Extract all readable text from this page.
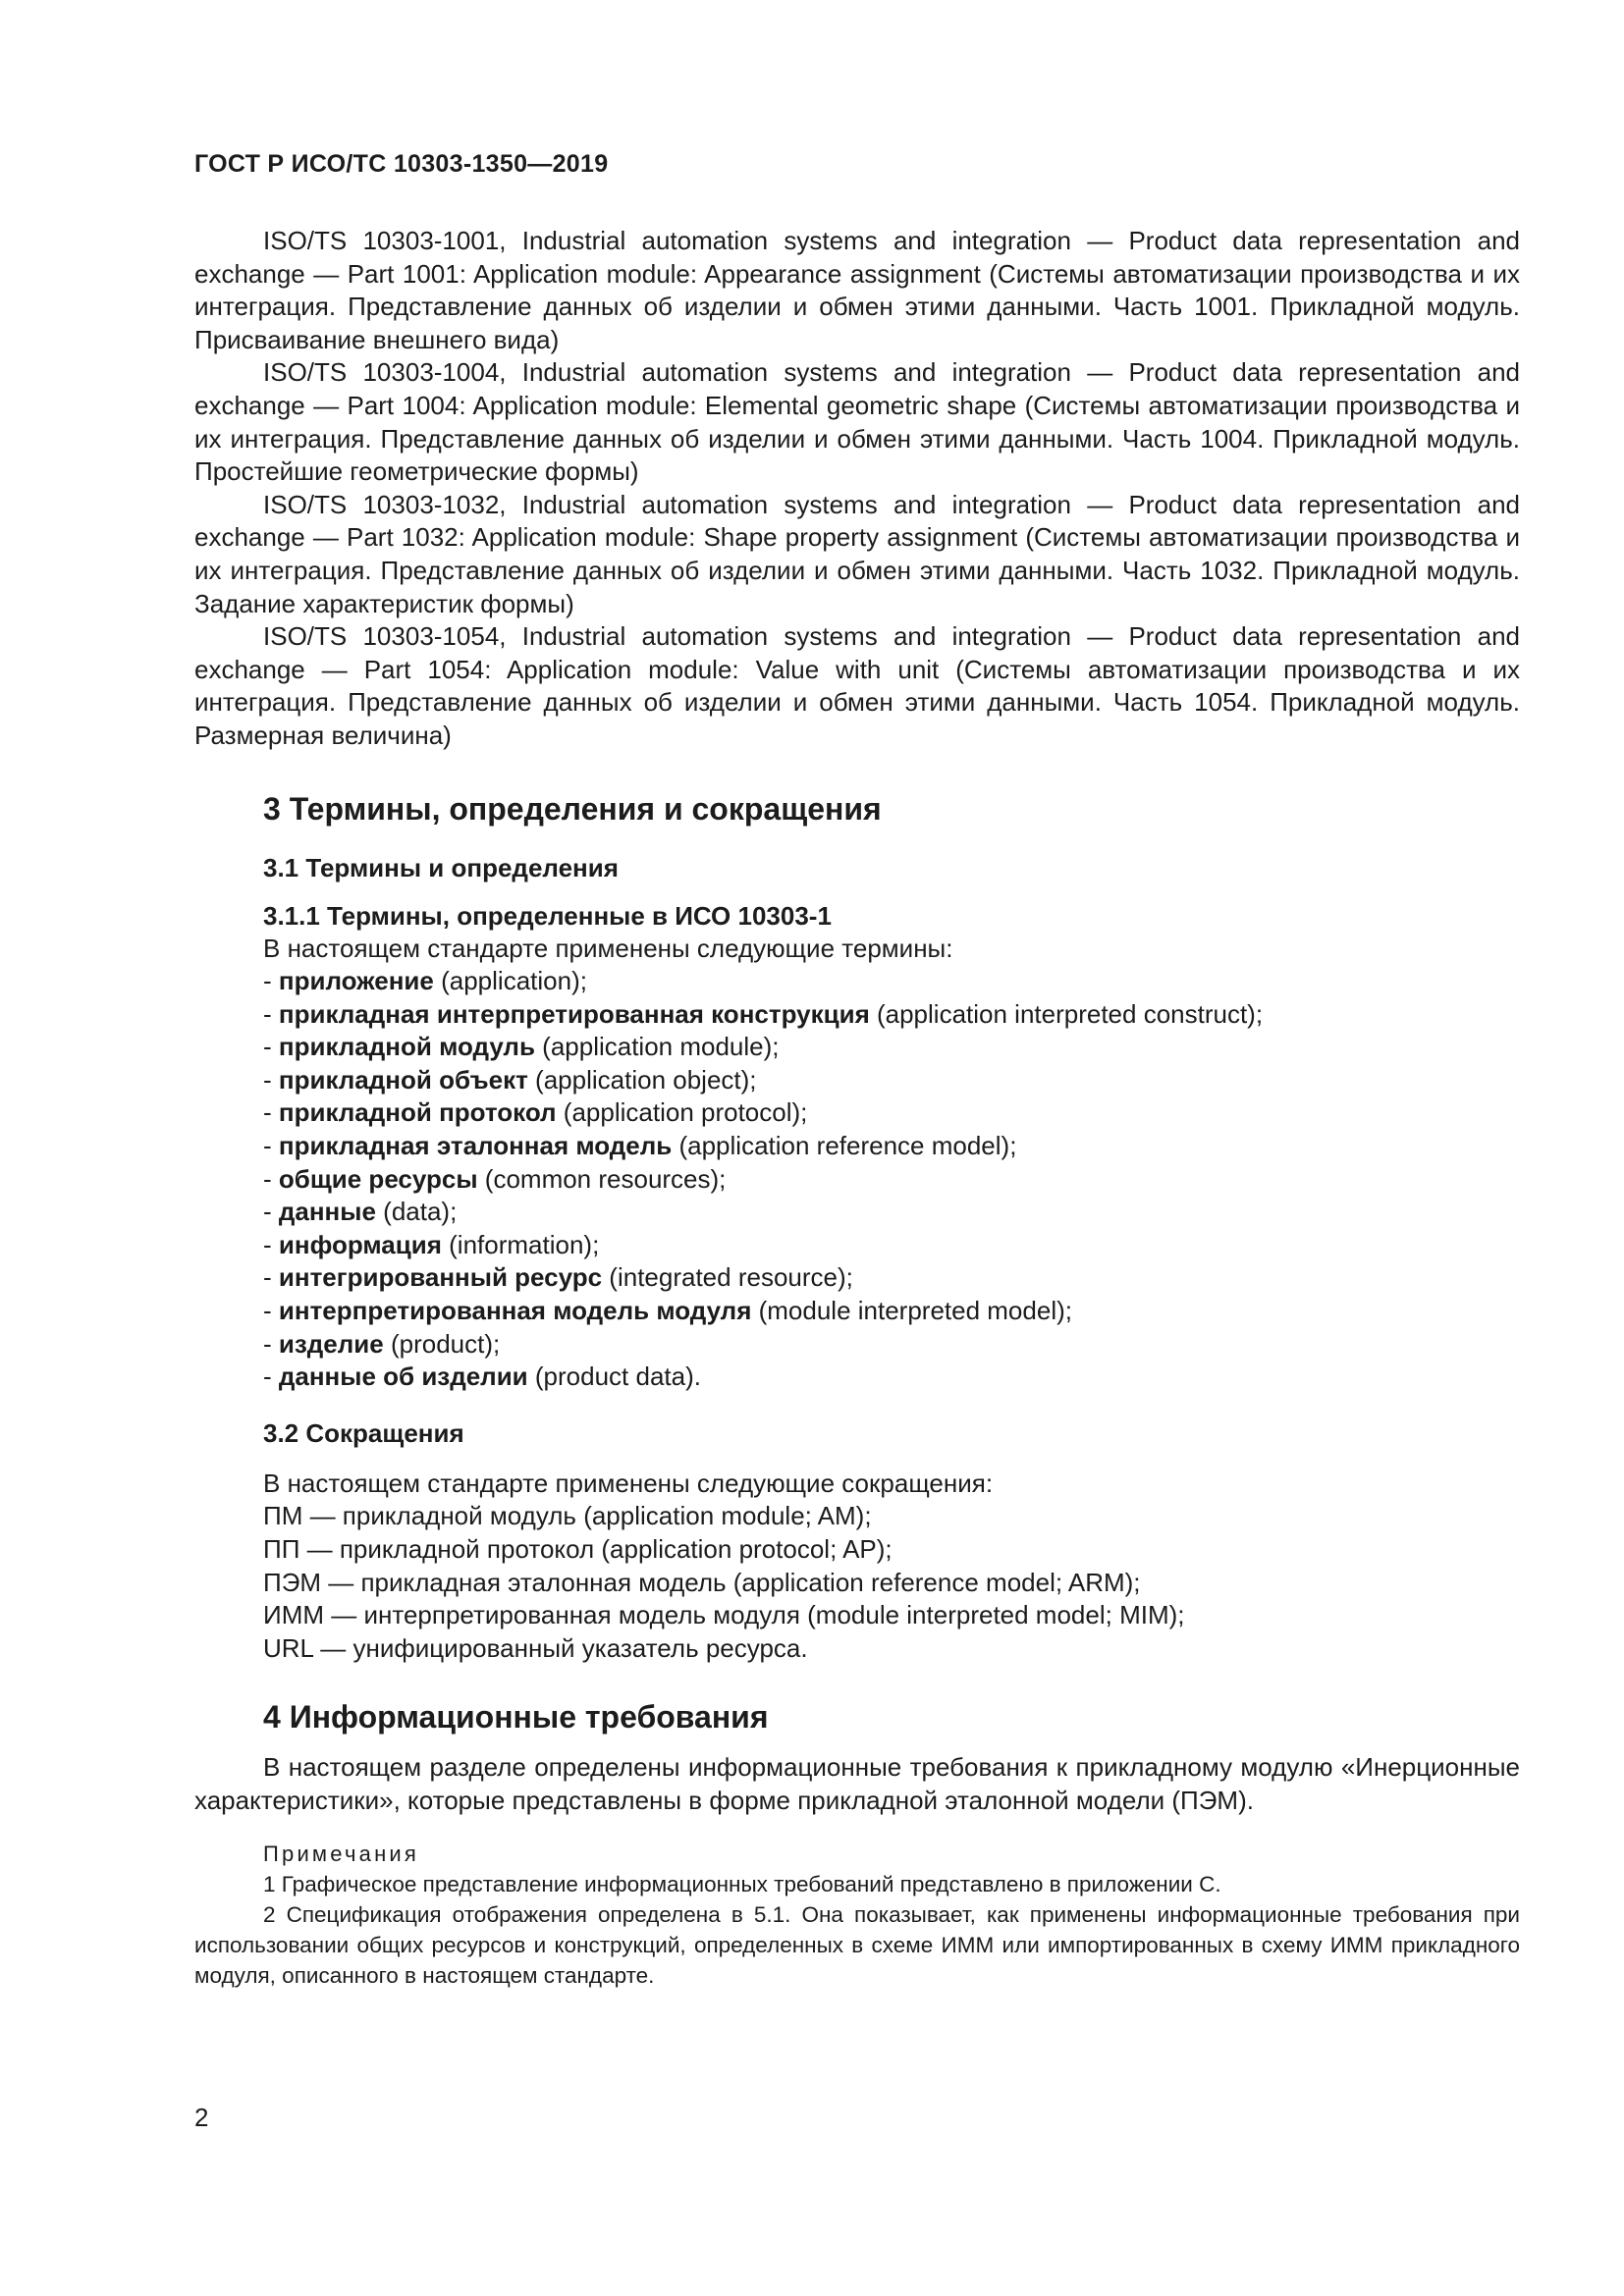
ГОСТ Р ИСО/ТС 10303-1350—2019

ISO/TS 10303-1001, Industrial automation systems and integration — Product data representation and exchange — Part 1001: Application module: Appearance assignment (Системы автоматизации производства и их интеграция. Представление данных об изделии и обмен этими данными. Часть 1001. Прикладной модуль. Присваивание внешнего вида)

ISO/TS 10303-1004, Industrial automation systems and integration — Product data representation and exchange — Part 1004: Application module: Elemental geometric shape (Системы автоматизации производства и их интеграция. Представление данных об изделии и обмен этими данными. Часть 1004. Прикладной модуль. Простейшие геометрические формы)

ISO/TS 10303-1032, Industrial automation systems and integration — Product data representation and exchange — Part 1032: Application module: Shape property assignment (Системы автоматизации производства и их интеграция. Представление данных об изделии и обмен этими данными. Часть 1032. Прикладной модуль. Задание характеристик формы)

ISO/TS 10303-1054, Industrial automation systems and integration — Product data representation and exchange — Part 1054: Application module: Value with unit (Системы автоматизации производства и их интеграция. Представление данных об изделии и обмен этими данными. Часть 1054. Прикладной модуль. Размерная величина)

3 Термины, определения и сокращения
3.1 Термины и определения
3.1.1 Термины, определенные в ИСО 10303-1

В настоящем стандарте применены следующие термины:

- приложение (application);

- прикладная интерпретированная конструкция (application interpreted construct);

- прикладной модуль (application module);

- прикладной объект (application object);

- прикладной протокол (application protocol);

- прикладная эталонная модель (application reference model);

- общие ресурсы (common resources);

- данные (data);

- информация (information);

- интегрированный ресурс (integrated resource);

- интерпретированная модель модуля (module interpreted model);

- изделие (product);

- данные об изделии (product data).

3.2 Сокращения

В настоящем стандарте применены следующие сокращения:

ПМ — прикладной модуль (application module; AM);

ПП — прикладной протокол (application protocol; AP);

ПЭМ — прикладная эталонная модель (application reference model; ARM);

ИММ — интерпретированная модель модуля (module interpreted model; MIM);

URL — унифицированный указатель ресурса.

4 Информационные требования

В настоящем разделе определены информационные требования к прикладному модулю «Инерционные характеристики», которые представлены в форме прикладной эталонной модели (ПЭМ).

Примечания

1 Графическое представление информационных требований представлено в приложении С.

2 Спецификация отображения определена в 5.1. Она показывает, как применены информационные требования при использовании общих ресурсов и конструкций, определенных в схеме ИММ или импортированных в схему ИММ прикладного модуля, описанного в настоящем стандарте.

2
